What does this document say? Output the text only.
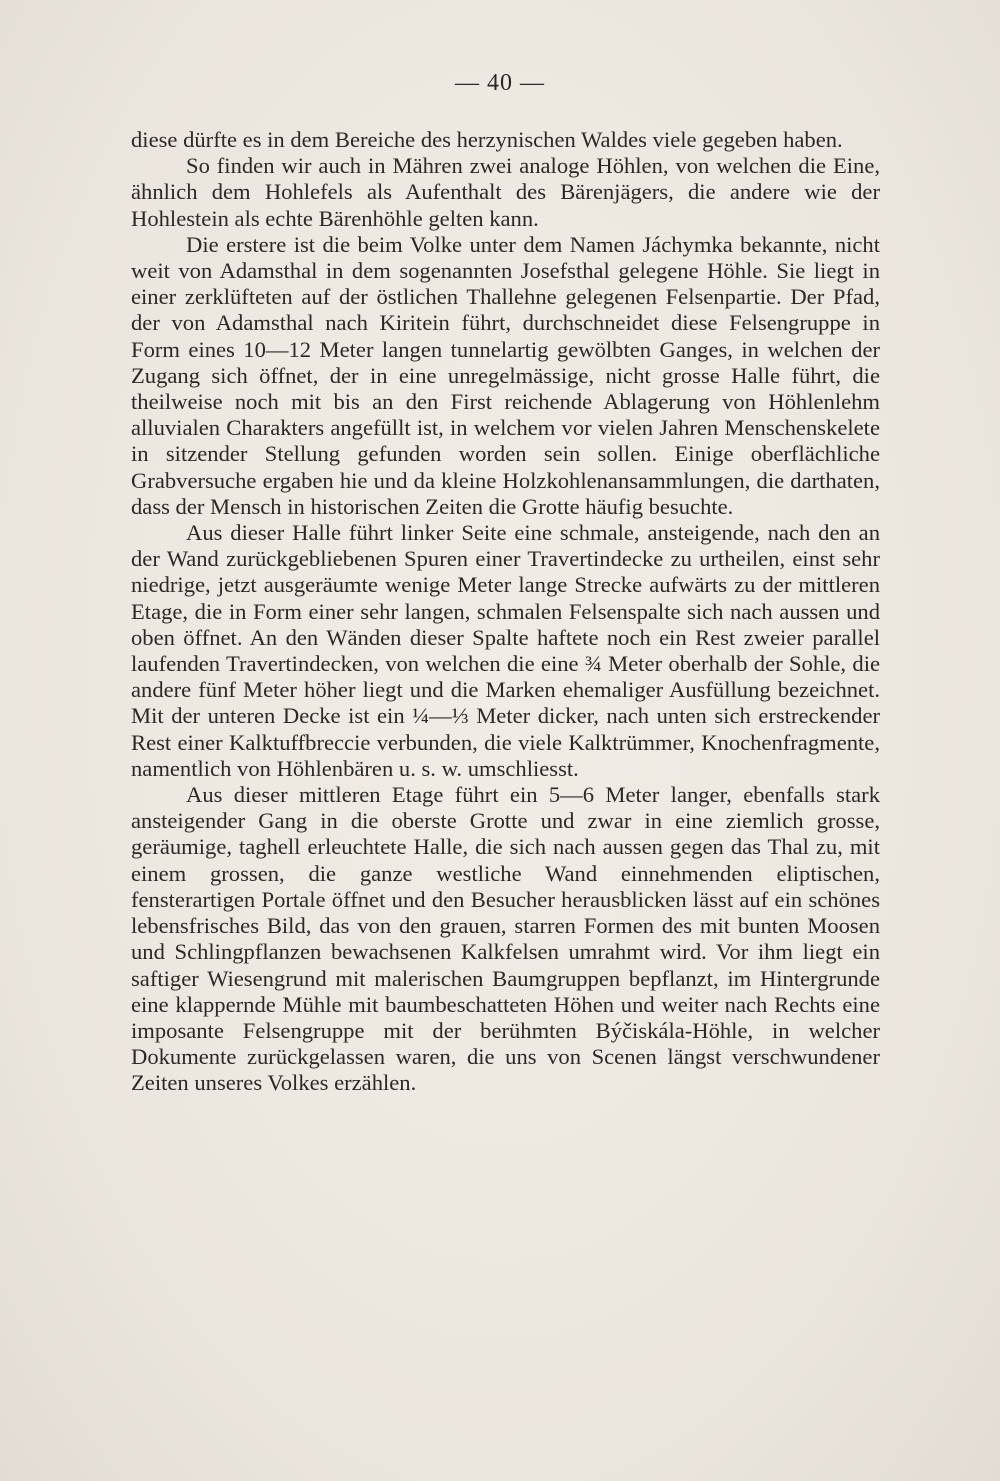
— 40 —

diese dürfte es in dem Bereiche des herzynischen Waldes viele gegeben haben.

So finden wir auch in Mähren zwei analoge Höhlen, von welchen die Eine, ähnlich dem Hohlefels als Aufenthalt des Bärenjägers, die andere wie der Hohlestein als echte Bärenhöhle gelten kann.

Die erstere ist die beim Volke unter dem Namen Jáchymka bekannte, nicht weit von Adamsthal in dem sogenannten Josefsthal gelegene Höhle. Sie liegt in einer zerklüfteten auf der östlichen Thallehne gelegenen Felsenpartie. Der Pfad, der von Adamsthal nach Kiritein führt, durchschneidet diese Felsengruppe in Form eines 10—12 Meter langen tunnelartig gewölbten Ganges, in welchen der Zugang sich öffnet, der in eine unregelmässige, nicht grosse Halle führt, die theilweise noch mit bis an den First reichende Ablagerung von Höhlenlehm alluvialen Charakters angefüllt ist, in welchem vor vielen Jahren Menschenskelete in sitzender Stellung gefunden worden sein sollen. Einige oberflächliche Grabversuche ergaben hie und da kleine Holzkohlenansammlungen, die darthaten, dass der Mensch in historischen Zeiten die Grotte häufig besuchte.

Aus dieser Halle führt linker Seite eine schmale, ansteigende, nach den an der Wand zurückgebliebenen Spuren einer Travertindecke zu urtheilen, einst sehr niedrige, jetzt ausgeräumte wenige Meter lange Strecke aufwärts zu der mittleren Etage, die in Form einer sehr langen, schmalen Felsenspalte sich nach aussen und oben öffnet. An den Wänden dieser Spalte haftete noch ein Rest zweier parallel laufenden Travertindecken, von welchen die eine ¾ Meter oberhalb der Sohle, die andere fünf Meter höher liegt und die Marken ehemaliger Ausfüllung bezeichnet. Mit der unteren Decke ist ein ¼—⅓ Meter dicker, nach unten sich erstreckender Rest einer Kalktuffbreccie verbunden, die viele Kalktrümmer, Knochenfragmente, namentlich von Höhlenbären u. s. w. umschliesst.

Aus dieser mittleren Etage führt ein 5—6 Meter langer, ebenfalls stark ansteigender Gang in die oberste Grotte und zwar in eine ziemlich grosse, geräumige, taghell erleuchtete Halle, die sich nach aussen gegen das Thal zu, mit einem grossen, die ganze westliche Wand einnehmenden eliptischen, fensterartigen Portale öffnet und den Besucher herausblicken lässt auf ein schönes lebensfrisches Bild, das von den grauen, starren Formen des mit bunten Moosen und Schlingpflanzen bewachsenen Kalkfelsen umrahmt wird. Vor ihm liegt ein saftiger Wiesengrund mit malerischen Baumgruppen bepflanzt, im Hintergrunde eine klappernde Mühle mit baumbeschatteten Höhen und weiter nach Rechts eine imposante Felsengruppe mit der berühmten Býčiskála-Höhle, in welcher Dokumente zurückgelassen waren, die uns von Scenen längst verschwundener Zeiten unseres Volkes erzählen.
